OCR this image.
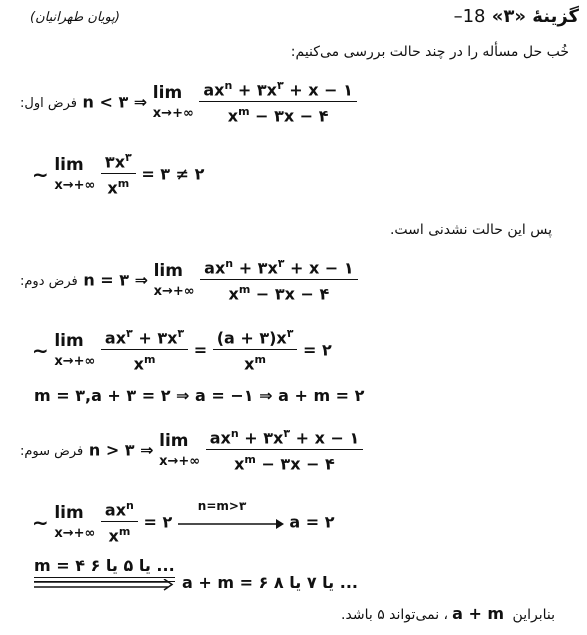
(پویان طهرانیان)	گزینهٔ «۳» 18–
خُب حل مسأله را در چند حالت بررسی می‌کنیم:
فرض اول: n < ۳ ⇒ lim
x→+∞
$\frac{ax^n + ۳x^۳ + x - ۱}{x^m - ۳x - ۴}$
∼ lim
x→+∞
$\frac{۳x^۳}{x^m}$ = ۳ ≠ ۲
پس این حالت نشدنی است.
فرض دوم: n = ۳ ⇒ lim
x→+∞
$\frac{ax^n + ۳x^۳ + x - ۱}{x^m - ۳x - ۴}$
∼ lim
x→+∞
$\frac{ax^۳ + ۳x^۳}{x^m} = \frac{(a + ۳)x^۳}{x^m}$ = ۲
m = ۳,a + ۳ = ۲ ⇒ a = −۱ ⇒ a + m = ۲
فرض سوم: n > ۳ ⇒ lim
x→+∞
$\frac{ax^n + ۳x^۳ + x - ۱}{x^m - ۳x - ۴}$
∼ lim
x→+∞
$\frac{ax^n}{x^m}$ = ۲
n=m>۳
a = ۲
m = ۴ یا ۵ یا ۶ ...
a + m = ۶ یا ۷ یا ۸ ...
بنابراین a + m، نمی‌تواند ۵ باشد.
